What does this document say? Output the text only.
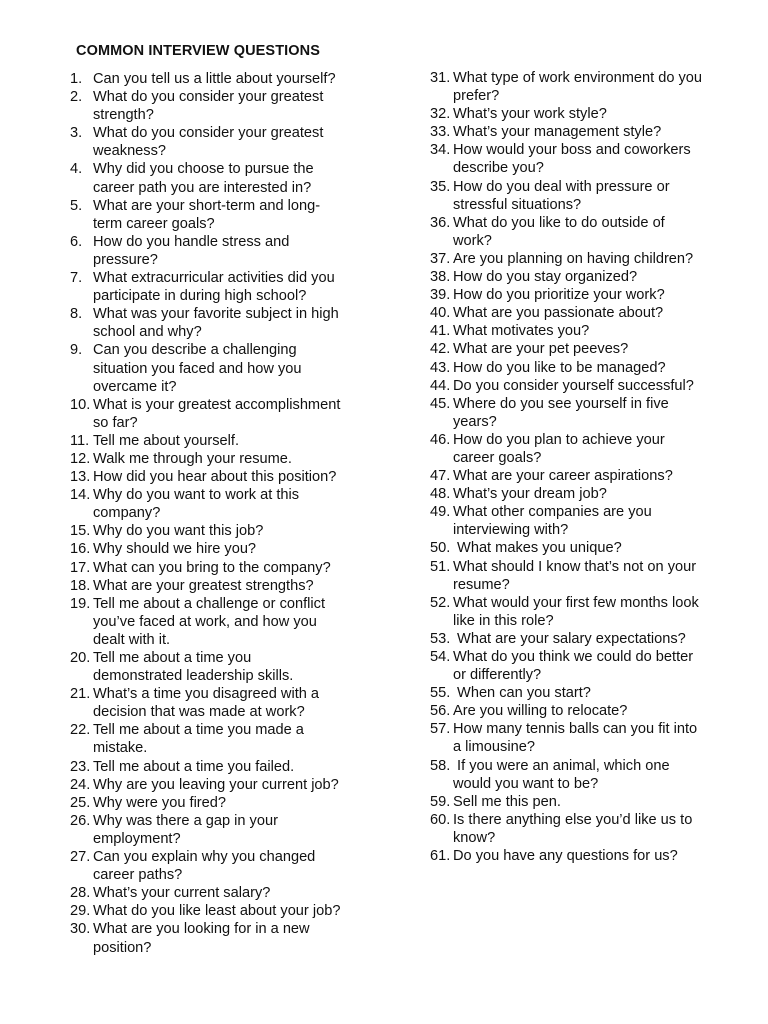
COMMON INTERVIEW QUESTIONS
1. Can you tell us a little about yourself?
2. What do you consider your greatest
strength?
3. What do you consider your greatest
weakness?
4. Why did you choose to pursue the
career path you are interested in?
5. What are your short-term and long-
term career goals?
6. How do you handle stress and
pressure?
7. What extracurricular activities did you
participate in during high school?
8. What was your favorite subject in high
school and why?
9. Can you describe a challenging
situation you faced and how you
overcame it?
10. What is your greatest accomplishment
so far?
11. Tell me about yourself.
12. Walk me through your resume.
13. How did you hear about this position?
14. Why do you want to work at this
company?
15. Why do you want this job?
16. Why should we hire you?
17. What can you bring to the company?
18. What are your greatest strengths?
19. Tell me about a challenge or conflict
you’ve faced at work, and how you
dealt with it.
20. Tell me about a time you
demonstrated leadership skills.
21. What’s a time you disagreed with a
decision that was made at work?
22. Tell me about a time you made a
mistake.
23. Tell me about a time you failed.
24. Why are you leaving your current job?
25. Why were you fired?
26. Why was there a gap in your
employment?
27. Can you explain why you changed
career paths?
28. What’s your current salary?
29. What do you like least about your job?
30. What are you looking for in a new
position?
31. What type of work environment do you
prefer?
32. What’s your work style?
33. What’s your management style?
34. How would your boss and coworkers
describe you?
35. How do you deal with pressure or
stressful situations?
36. What do you like to do outside of
work?
37. Are you planning on having children?
38. How do you stay organized?
39. How do you prioritize your work?
40. What are you passionate about?
41. What motivates you?
42. What are your pet peeves?
43. How do you like to be managed?
44. Do you consider yourself successful?
45. Where do you see yourself in five
years?
46. How do you plan to achieve your
career goals?
47. What are your career aspirations?
48. What’s your dream job?
49. What other companies are you
interviewing with?
50. What makes you unique?
51. What should I know that’s not on your
resume?
52. What would your first few months look
like in this role?
53. What are your salary expectations?
54. What do you think we could do better
or differently?
55. When can you start?
56. Are you willing to relocate?
57. How many tennis balls can you fit into
a limousine?
58. If you were an animal, which one
would you want to be?
59. Sell me this pen.
60. Is there anything else you’d like us to
know?
61. Do you have any questions for us?
